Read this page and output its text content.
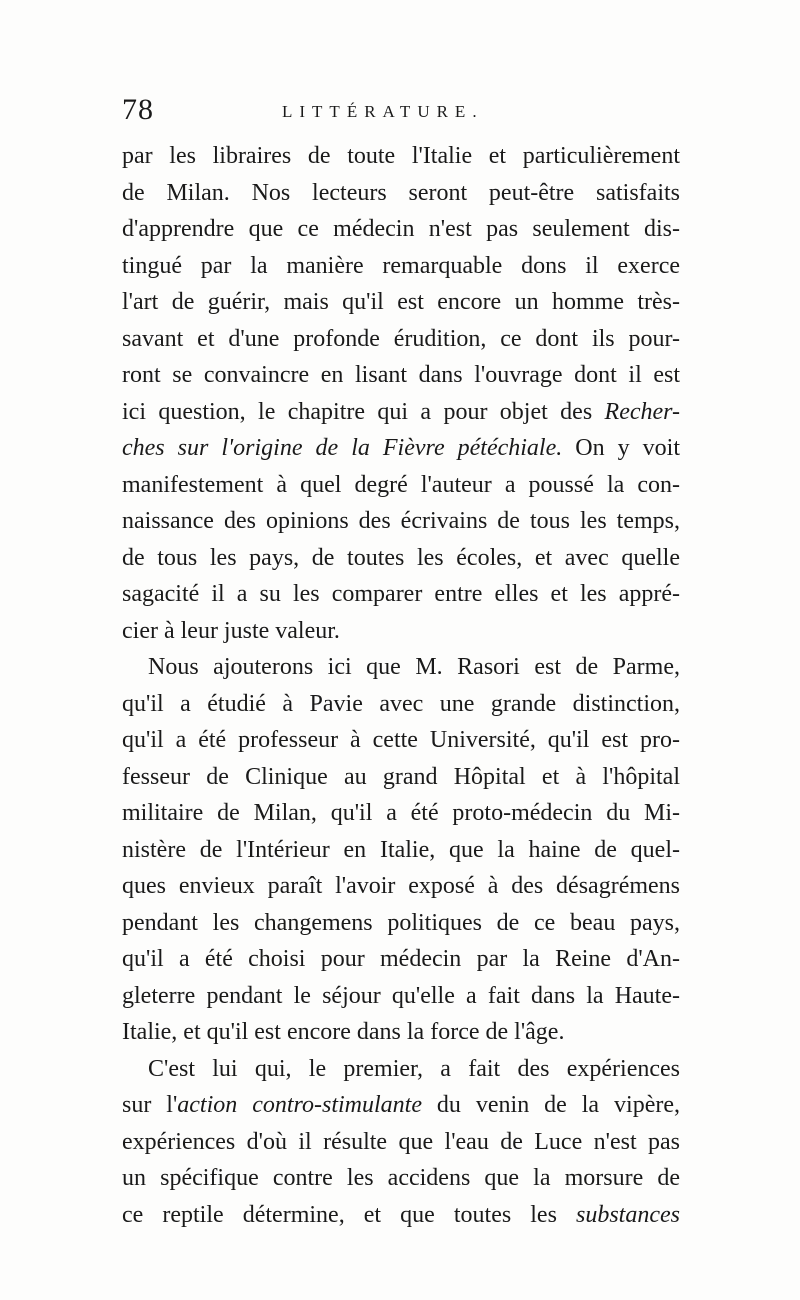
78	LITTÉRATURE.
par les libraires de toute l'Italie et particulièrement
de Milan. Nos lecteurs seront peut-être satisfaits
d'apprendre que ce médecin n'est pas seulement dis-
tingué par la manière remarquable dons il exerce
l'art de guérir, mais qu'il est encore un homme très-
savant et d'une profonde érudition, ce dont ils pour-
ront se convaincre en lisant dans l'ouvrage dont il est
ici question, le chapitre qui a pour objet des Recher-
ches sur l'origine de la Fièvre pétéchiale. On y voit
manifestement à quel degré l'auteur a poussé la con-
naissance des opinions des écrivains de tous les temps,
de tous les pays, de toutes les écoles, et avec quelle
sagacité il a su les comparer entre elles et les appré-
cier à leur juste valeur.
Nous ajouterons ici que M. Rasori est de Parme,
qu'il a étudié à Pavie avec une grande distinction,
qu'il a été professeur à cette Université, qu'il est pro-
fesseur de Clinique au grand Hôpital et à l'hôpital
militaire de Milan, qu'il a été proto-médecin du Mi-
nistère de l'Intérieur en Italie, que la haine de quel-
ques envieux paraît l'avoir exposé à des désagrémens
pendant les changemens politiques de ce beau pays,
qu'il a été choisi pour médecin par la Reine d'An-
gleterre pendant le séjour qu'elle a fait dans la Haute-
Italie, et qu'il est encore dans la force de l'âge.
C'est lui qui, le premier, a fait des expériences
sur l'action contro-stimulante du venin de la vipère,
expériences d'où il résulte que l'eau de Luce n'est pas
un spécifique contre les accidens que la morsure de
ce reptile détermine, et que toutes les substances
